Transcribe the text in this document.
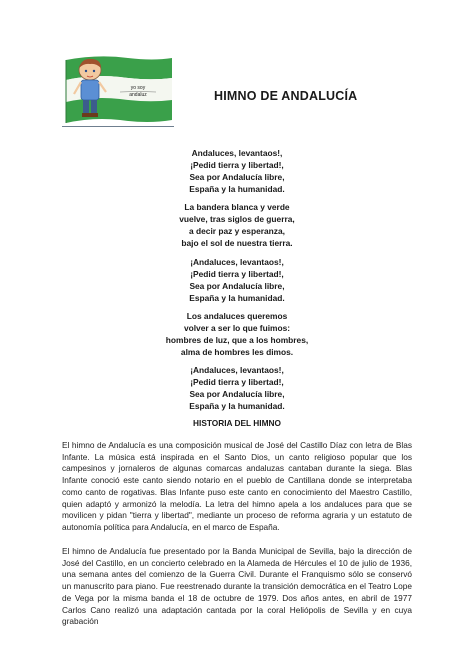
yo soy
andaluz	HIMNO DE ANDALUCÍA
Andaluces, levantaos!,
¡Pedid tierra y libertad!,
Sea por Andalucía libre,
España y la humanidad.
La bandera blanca y verde
vuelve, tras siglos de guerra,
a decir paz y esperanza,
bajo el sol de nuestra tierra.
¡Andaluces, levantaos!,
¡Pedid tierra y libertad!,
Sea por Andalucía libre,
España y la humanidad.
Los andaluces queremos
volver a ser lo que fuimos:
hombres de luz, que a los hombres,
alma de hombres les dimos.
¡Andaluces, levantaos!,
¡Pedid tierra y libertad!,
Sea por Andalucía libre,
España y la humanidad.
HISTORIA DEL HIMNO

El himno de Andalucía es una composición musical de José del Castillo Díaz con letra de Blas Infante. La música está inspirada en el Santo Dios, un canto religioso popular que los campesinos y jornaleros de algunas comarcas andaluzas cantaban durante la siega. Blas Infante conoció este canto siendo notario en el pueblo de Cantillana donde se interpretaba como canto de rogativas. Blas Infante puso este canto en conocimiento del Maestro Castillo, quien adaptó y armonizó la melodía. La letra del himno apela a los andaluces para que se movilicen y pidan "tierra y libertad", mediante un proceso de reforma agraria y un estatuto de autonomía política para Andalucía, en el marco de España.

El himno de Andalucía fue presentado por la Banda Municipal de Sevilla, bajo la dirección de José del Castillo, en un concierto celebrado en la Alameda de Hércules el 10 de julio de 1936, una semana antes del comienzo de la Guerra Civil. Durante el Franquismo sólo se conservó un manuscrito para piano. Fue reestrenado durante la transición democrática en el Teatro Lope de Vega por la misma banda el 18 de octubre de 1979. Dos años antes, en abril de 1977 Carlos Cano realizó una adaptación cantada por la coral Heliópolis de Sevilla y en cuya grabación
